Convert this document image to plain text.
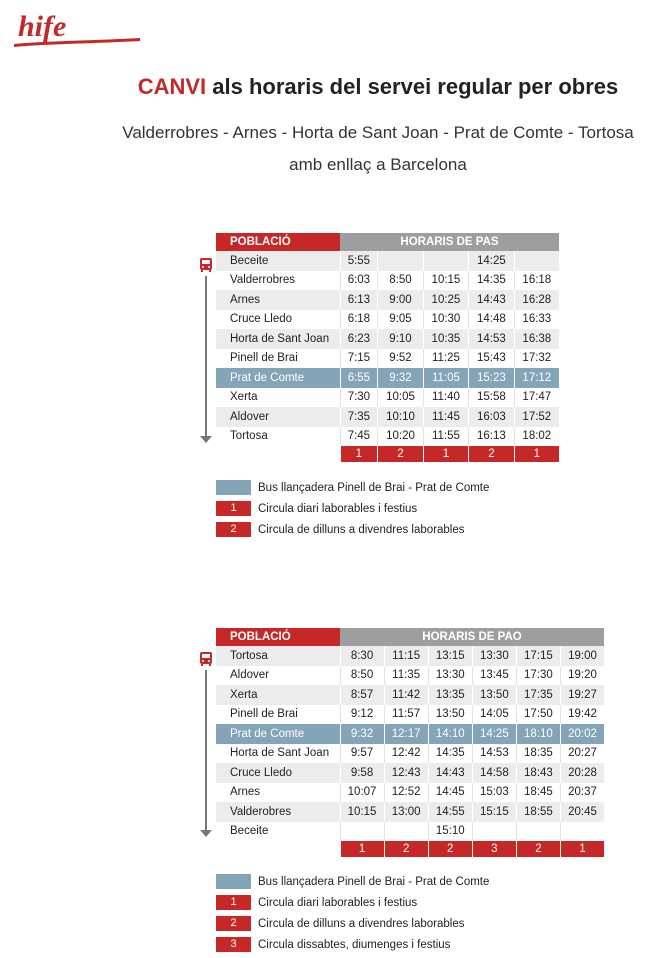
hife
CANVI als horaris del servei regular per obres
Valderrobres - Arnes - Horta de Sant Joan - Prat de Comte - Tortosa
amb enllaç a Barcelona
POBLACIÓ	HORARIS DE PAS				
Beceite	5:55			14:25	
Valderrobres	6:03	8:50	10:15	14:35	16:18
Arnes	6:13	9:00	10:25	14:43	16:28
Cruce Lledo	6:18	9:05	10:30	14:48	16:33
Horta de Sant Joan	6:23	9:10	10:35	14:53	16:38
Pinell de Brai	7:15	9:52	11:25	15:43	17:32
Prat de Comte	6:55	9:32	11:05	15:23	17:12
Xerta	7:30	10:05	11:40	15:58	17:47
Aldover	7:35	10:10	11:45	16:03	17:52
Tortosa	7:45	10:20	11:55	16:13	18:02
	1	2	1	2	1
Bus llançadera Pinell de Brai - Prat de Comte
1	Circula diari laborables i festius
2	Circula de dilluns a divendres laborables
POBLACIÓ	HORARIS DE PAO					
Tortosa	8:30	11:15	13:15	13:30	17:15	19:00
Aldover	8:50	11:35	13:30	13:45	17:30	19:20
Xerta	8:57	11:42	13:35	13:50	17:35	19:27
Pinell de Brai	9:12	11:57	13:50	14:05	17:50	19:42
Prat de Comte	9:32	12:17	14:10	14:25	18:10	20:02
Horta de Sant Joan	9:57	12:42	14:35	14:53	18:35	20:27
Cruce Lledo	9:58	12:43	14:43	14:58	18:43	20:28
Arnes	10:07	12:52	14:45	15:03	18:45	20:37
Valderobres	10:15	13:00	14:55	15:15	18:55	20:45
Beceite			15:10			
	1	2	2	3	2	1
Bus llançadera Pinell de Brai - Prat de Comte
1	Circula diari laborables i festius
2	Circula de dilluns a divendres laborables
3	Circula dissabtes, diumenges i festius
